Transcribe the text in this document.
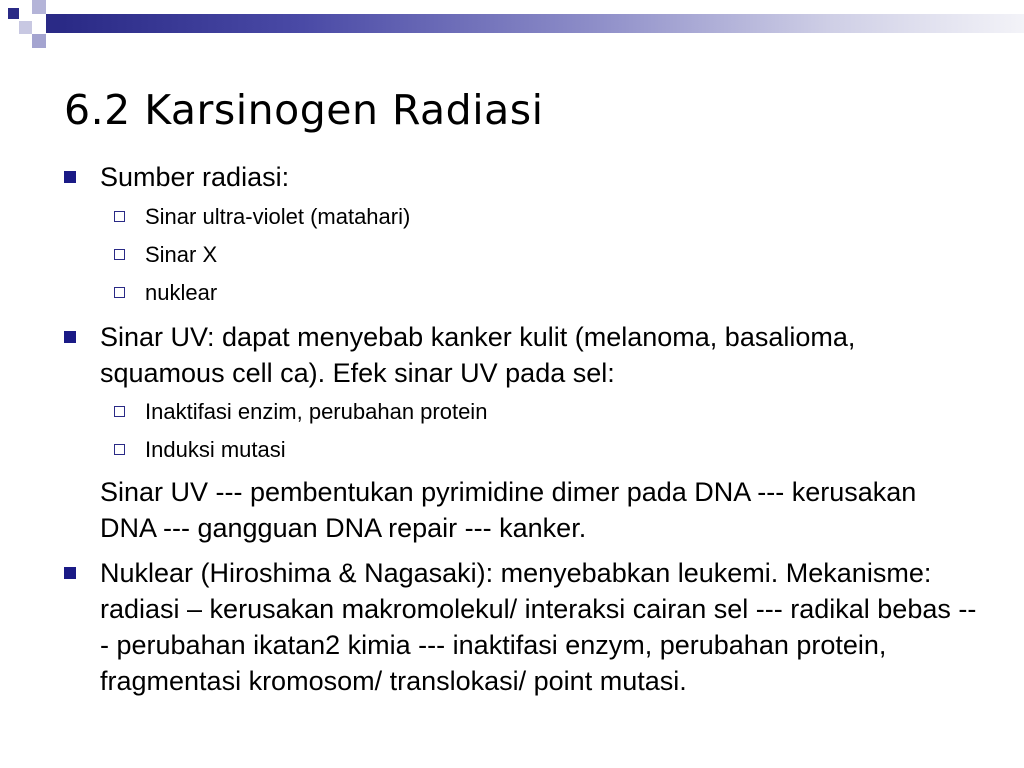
6.2 Karsinogen Radiasi
Sumber radiasi:
Sinar ultra-violet (matahari)
Sinar X
nuklear
Sinar UV: dapat menyebab kanker kulit (melanoma, basalioma, squamous cell ca). Efek sinar UV pada sel:
Inaktifasi enzim, perubahan protein
Induksi mutasi
Sinar UV --- pembentukan pyrimidine dimer pada DNA --- kerusakan DNA --- gangguan DNA repair --- kanker.
Nuklear (Hiroshima & Nagasaki): menyebabkan leukemi. Mekanisme: radiasi – kerusakan makromolekul/ interaksi cairan sel --- radikal bebas --- perubahan ikatan2 kimia --- inaktifasi enzym, perubahan protein, fragmentasi kromosom/ translokasi/ point mutasi.
